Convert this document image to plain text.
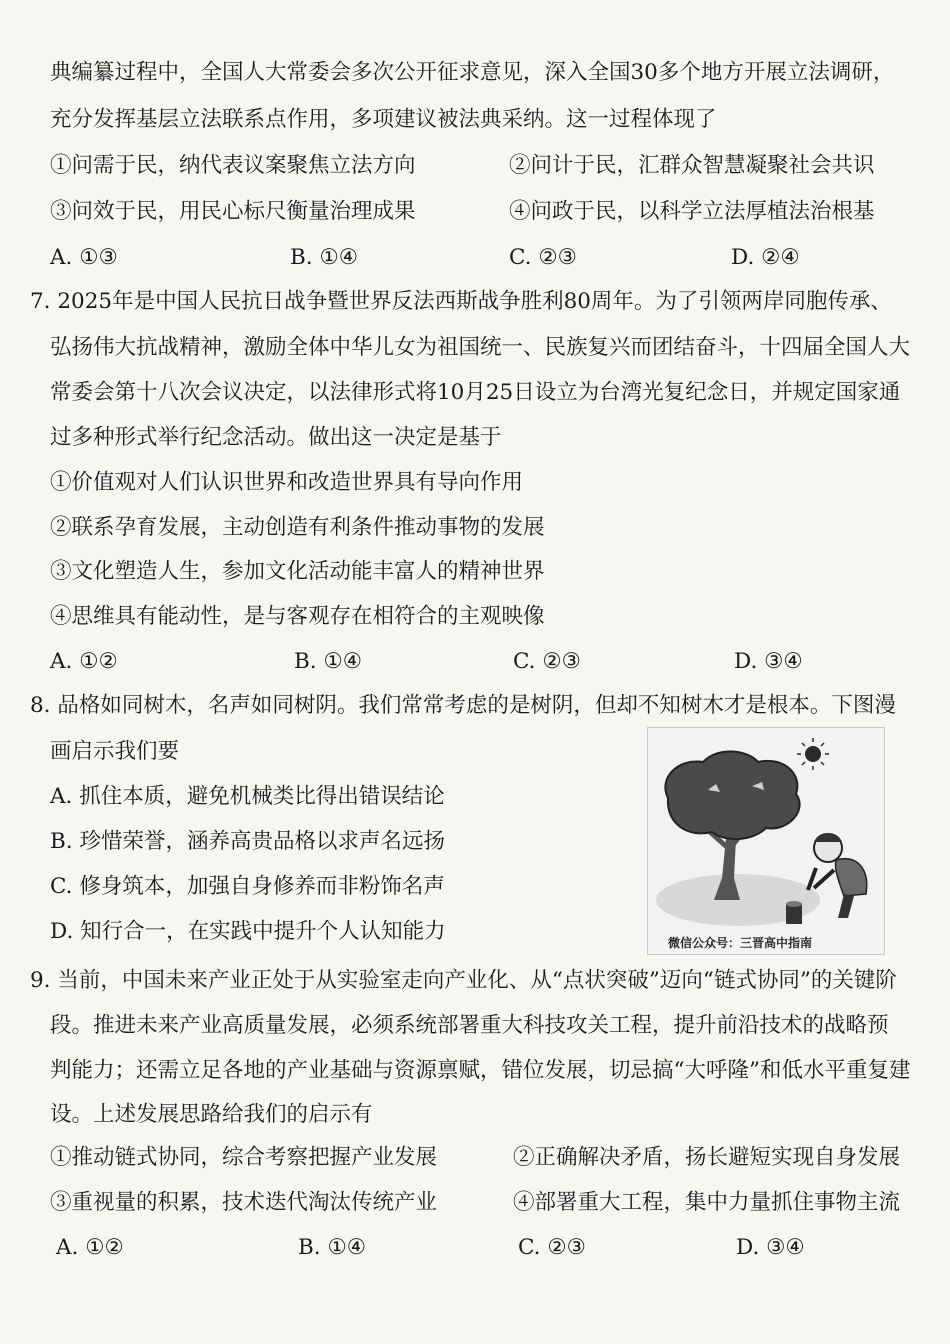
典编纂过程中，全国人大常委会多次公开征求意见，深入全国30多个地方开展立法调研，
充分发挥基层立法联系点作用，多项建议被法典采纳。这一过程体现了
①问需于民，纳代表议案聚焦立法方向	②问计于民，汇群众智慧凝聚社会共识
③问效于民，用民心标尺衡量治理成果	④问政于民，以科学立法厚植法治根基
A. ①③	B. ①④	C. ②③	D. ②④
7. 2025年是中国人民抗日战争暨世界反法西斯战争胜利80周年。为了引领两岸同胞传承、
弘扬伟大抗战精神，激励全体中华儿女为祖国统一、民族复兴而团结奋斗，十四届全国人大
常委会第十八次会议决定，以法律形式将10月25日设立为台湾光复纪念日，并规定国家通
过多种形式举行纪念活动。做出这一决定是基于
①价值观对人们认识世界和改造世界具有导向作用
②联系孕育发展，主动创造有利条件推动事物的发展
③文化塑造人生，参加文化活动能丰富人的精神世界
④思维具有能动性，是与客观存在相符合的主观映像
A. ①②	B. ①④	C. ②③	D. ③④
8. 品格如同树木，名声如同树阴。我们常常考虑的是树阴，但却不知树木才是根本。下图漫
画启示我们要
A. 抓住本质，避免机械类比得出错误结论
B. 珍惜荣誉，涵养高贵品格以求声名远扬
C. 修身筑本，加强自身修养而非粉饰名声
D. 知行合一，在实践中提升个人认知能力	微信公众号：三晋高中指南
9. 当前，中国未来产业正处于从实验室走向产业化、从“点状突破”迈向“链式协同”的关键阶
段。推进未来产业高质量发展，必须系统部署重大科技攻关工程，提升前沿技术的战略预
判能力；还需立足各地的产业基础与资源禀赋，错位发展，切忌搞“大呼隆”和低水平重复建
设。上述发展思路给我们的启示有
①推动链式协同，综合考察把握产业发展	②正确解决矛盾，扬长避短实现自身发展
③重视量的积累，技术迭代淘汰传统产业	④部署重大工程，集中力量抓住事物主流
A. ①②	B. ①④	C. ②③	D. ③④
